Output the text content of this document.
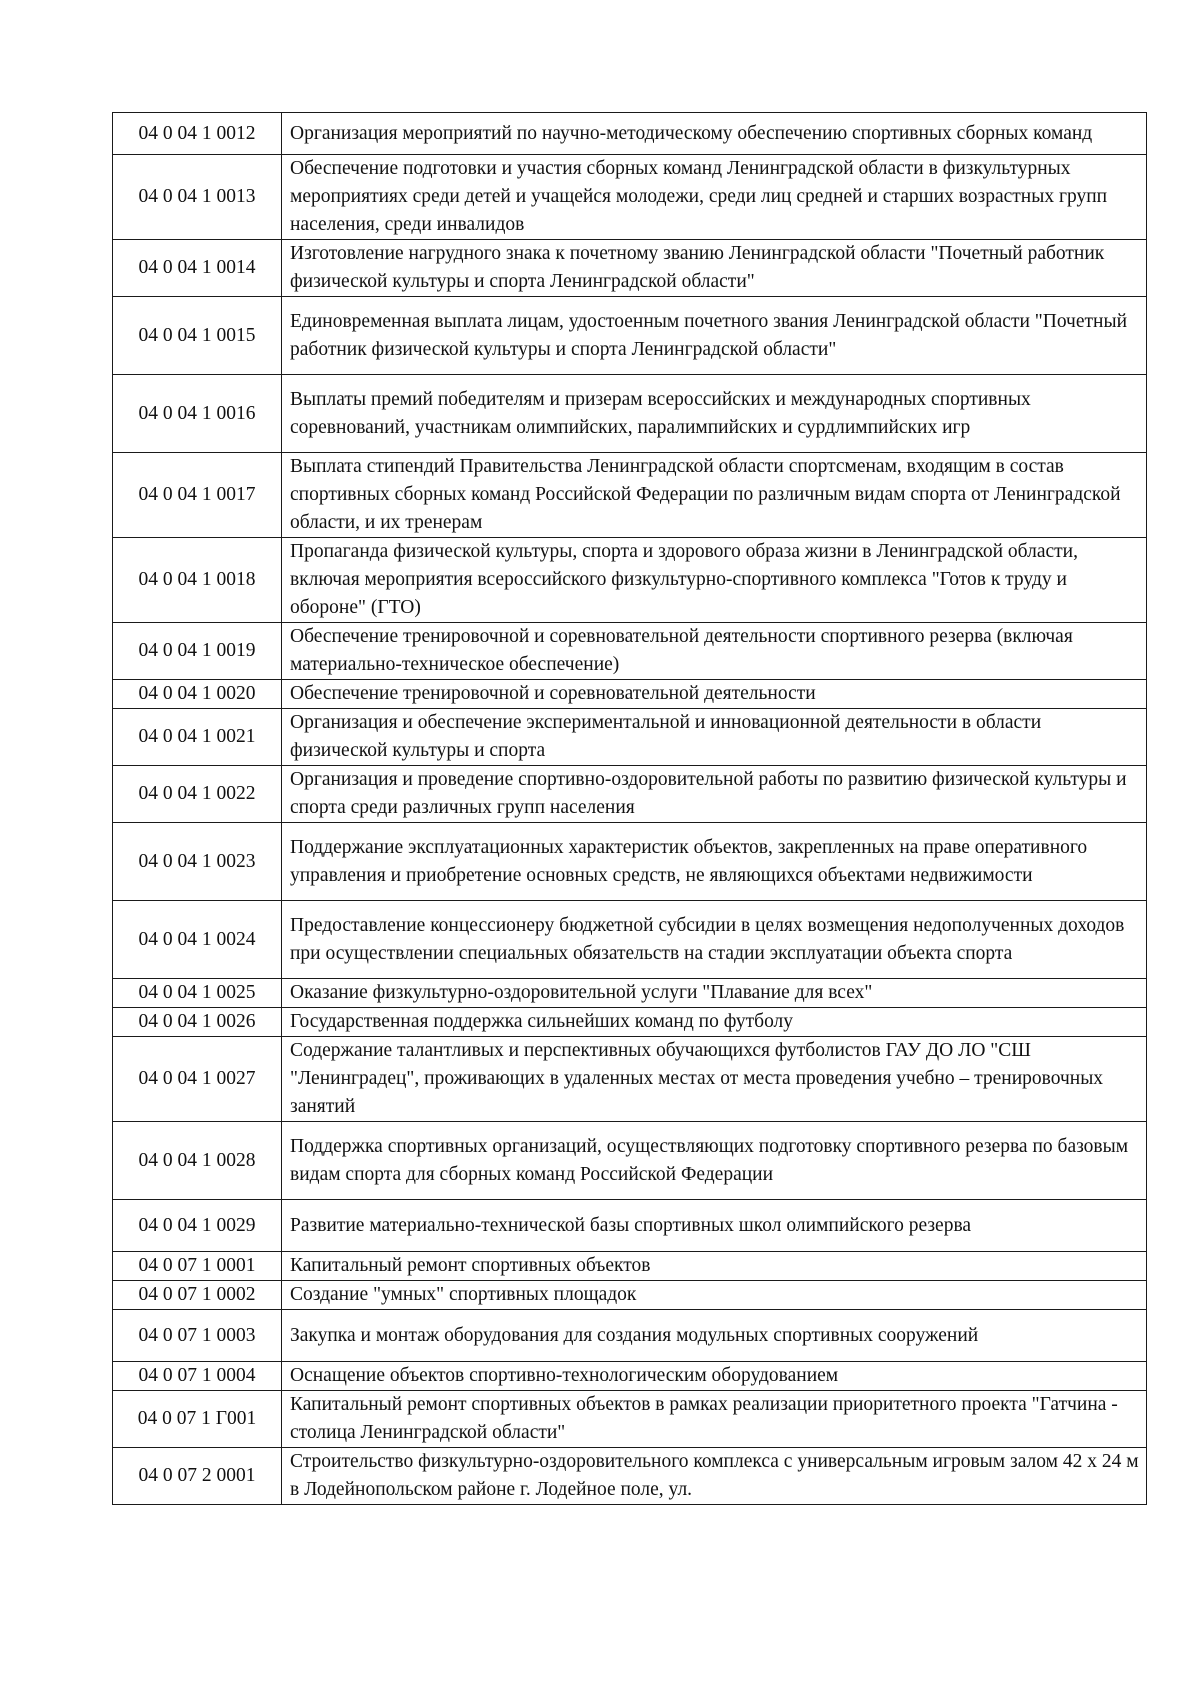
04 0 04 1 0012	Организация мероприятий по научно-методическому обеспечению спортивных сборных команд
04 0 04 1 0013	Обеспечение подготовки и участия сборных команд Ленинградской области в физкультурных мероприятиях среди детей и учащейся молодежи, среди лиц средней и старших возрастных групп населения, среди инвалидов
04 0 04 1 0014	Изготовление нагрудного знака к почетному званию Ленинградской области "Почетный работник физической культуры и спорта Ленинградской области"
04 0 04 1 0015	Единовременная выплата лицам, удостоенным почетного звания Ленинградской области "Почетный работник физической культуры и спорта Ленинградской области"
04 0 04 1 0016	Выплаты премий победителям и призерам всероссийских и международных спортивных соревнований, участникам олимпийских, паралимпийских и сурдлимпийских игр
04 0 04 1 0017	Выплата стипендий Правительства Ленинградской области спортсменам, входящим в состав спортивных сборных команд Российской Федерации по различным видам спорта от Ленинградской области, и их тренерам
04 0 04 1 0018	Пропаганда физической культуры, спорта и здорового образа жизни в Ленинградской области, включая мероприятия всероссийского физкультурно-спортивного комплекса "Готов к труду и обороне" (ГТО)
04 0 04 1 0019	Обеспечение тренировочной и соревновательной деятельности спортивного резерва (включая материально-техническое обеспечение)
04 0 04 1 0020	Обеспечение тренировочной и соревновательной деятельности
04 0 04 1 0021	Организация и обеспечение экспериментальной и инновационной деятельности в области физической культуры и спорта
04 0 04 1 0022	Организация и проведение спортивно-оздоровительной работы по развитию физической культуры и спорта среди различных групп населения
04 0 04 1 0023	Поддержание эксплуатационных характеристик объектов, закрепленных на праве оперативного управления и приобретение основных средств, не являющихся объектами недвижимости
04 0 04 1 0024	Предоставление концессионеру бюджетной субсидии в целях возмещения недополученных доходов при осуществлении специальных обязательств на стадии эксплуатации объекта спорта
04 0 04 1 0025	Оказание физкультурно-оздоровительной услуги "Плавание для всех"
04 0 04 1 0026	Государственная поддержка сильнейших команд по футболу
04 0 04 1 0027	Содержание талантливых и перспективных обучающихся футболистов ГАУ ДО ЛО "СШ "Ленинградец", проживающих в удаленных местах от места проведения учебно – тренировочных занятий
04 0 04 1 0028	Поддержка спортивных организаций, осуществляющих подготовку спортивного резерва по базовым видам спорта для сборных команд Российской Федерации
04 0 04 1 0029	Развитие материально-технической базы спортивных школ олимпийского резерва
04 0 07 1 0001	Капитальный ремонт спортивных объектов
04 0 07 1 0002	Создание "умных" спортивных площадок
04 0 07 1 0003	Закупка и монтаж оборудования для создания модульных спортивных сооружений
04 0 07 1 0004	Оснащение объектов спортивно-технологическим оборудованием
04 0 07 1 Г001	Капитальный ремонт спортивных объектов в рамках реализации приоритетного проекта "Гатчина - столица Ленинградской области"
04 0 07 2 0001	Строительство физкультурно-оздоровительного комплекса с универсальным игровым залом 42 х 24 м в Лодейнопольском районе г. Лодейное поле, ул.
